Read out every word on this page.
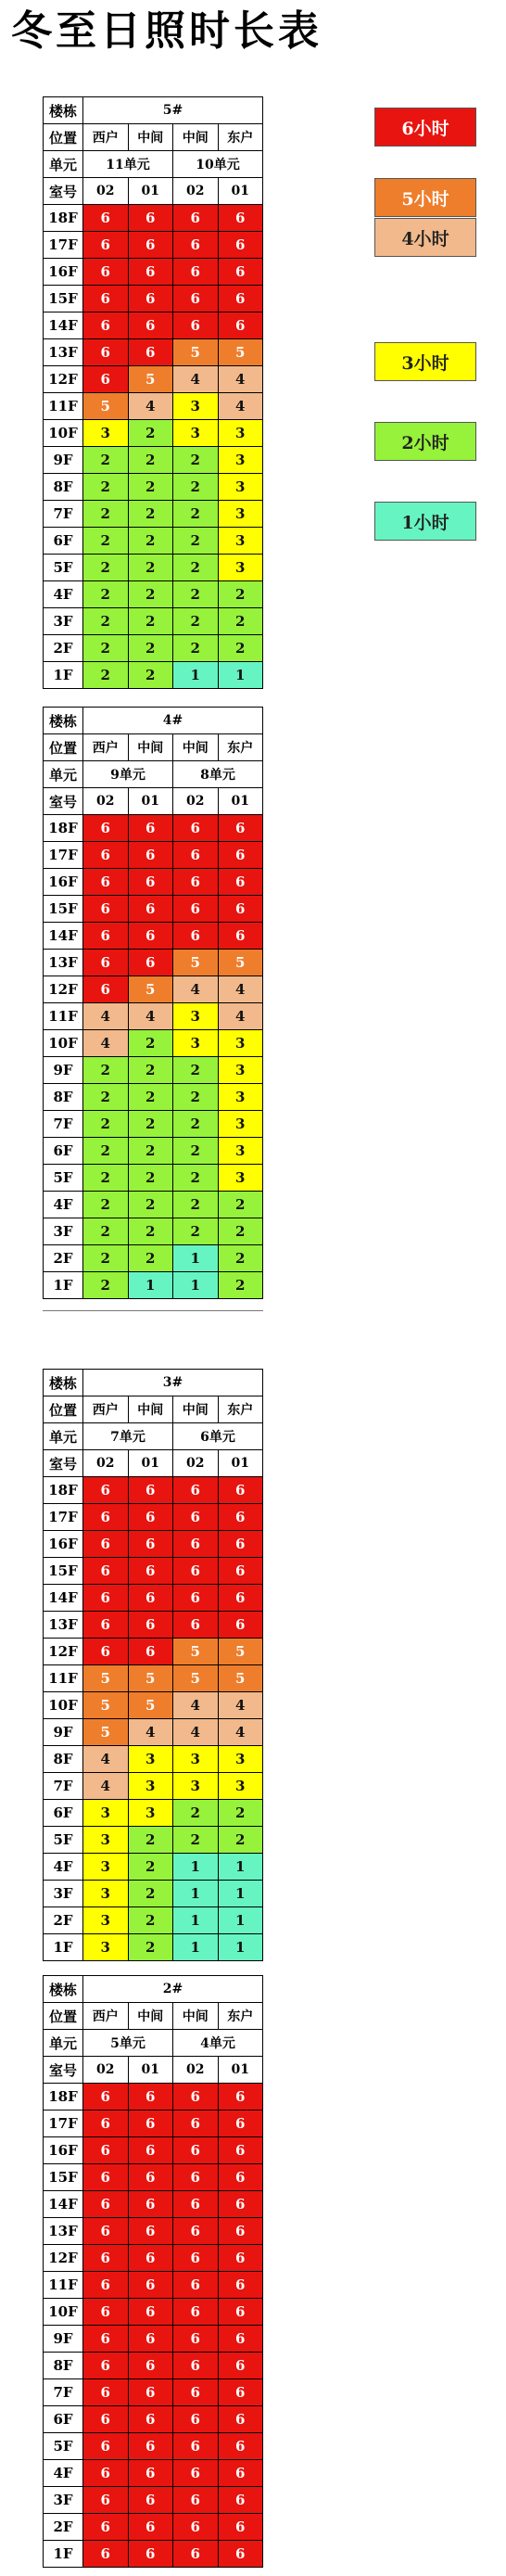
冬至日照时长表
6小时
5小时
4小时
3小时
2小时
1小时
楼栋	5#			
位置	西户	中间	中间	东户
单元	11单元		10单元	
室号	02	01	02	01
18F	6	6	6	6
17F	6	6	6	6
16F	6	6	6	6
15F	6	6	6	6
14F	6	6	6	6
13F	6	6	5	5
12F	6	5	4	4
11F	5	4	3	4
10F	3	2	3	3
9F	2	2	2	3
8F	2	2	2	3
7F	2	2	2	3
6F	2	2	2	3
5F	2	2	2	3
4F	2	2	2	2
3F	2	2	2	2
2F	2	2	2	2
1F	2	2	1	1
楼栋	4#			
位置	西户	中间	中间	东户
单元	9单元		8单元	
室号	02	01	02	01
18F	6	6	6	6
17F	6	6	6	6
16F	6	6	6	6
15F	6	6	6	6
14F	6	6	6	6
13F	6	6	5	5
12F	6	5	4	4
11F	4	4	3	4
10F	4	2	3	3
9F	2	2	2	3
8F	2	2	2	3
7F	2	2	2	3
6F	2	2	2	3
5F	2	2	2	3
4F	2	2	2	2
3F	2	2	2	2
2F	2	2	1	2
1F	2	1	1	2
楼栋	3#			
位置	西户	中间	中间	东户
单元	7单元		6单元	
室号	02	01	02	01
18F	6	6	6	6
17F	6	6	6	6
16F	6	6	6	6
15F	6	6	6	6
14F	6	6	6	6
13F	6	6	6	6
12F	6	6	5	5
11F	5	5	5	5
10F	5	5	4	4
9F	5	4	4	4
8F	4	3	3	3
7F	4	3	3	3
6F	3	3	2	2
5F	3	2	2	2
4F	3	2	1	1
3F	3	2	1	1
2F	3	2	1	1
1F	3	2	1	1
楼栋	2#			
位置	西户	中间	中间	东户
单元	5单元		4单元	
室号	02	01	02	01
18F	6	6	6	6
17F	6	6	6	6
16F	6	6	6	6
15F	6	6	6	6
14F	6	6	6	6
13F	6	6	6	6
12F	6	6	6	6
11F	6	6	6	6
10F	6	6	6	6
9F	6	6	6	6
8F	6	6	6	6
7F	6	6	6	6
6F	6	6	6	6
5F	6	6	6	6
4F	6	6	6	6
3F	6	6	6	6
2F	6	6	6	6
1F	6	6	6	6
